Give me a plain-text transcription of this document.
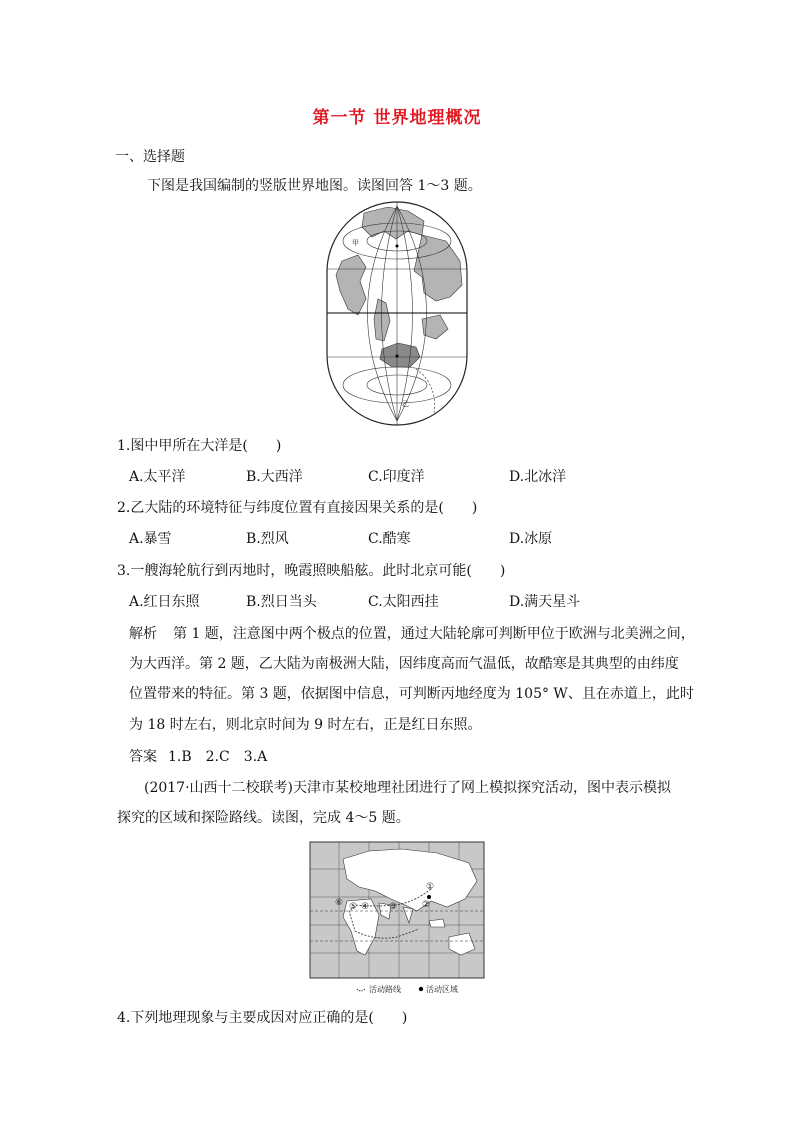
第一节 世界地理概况
一、选择题
下图是我国编制的竖版世界地图。读图回答 1～3 题。
甲
乙
1.图中甲所在大洋是(　　)
A.太平洋	B.大西洋	C.印度洋	D.北冰洋
2.乙大陆的环境特征与纬度位置有直接因果关系的是(　　)
A.暴雪	B.烈风	C.酷寒	D.冰原
3.一艘海轮航行到丙地时，晚霞照映船舷。此时北京可能(　　)
A.红日东照	B.烈日当头	C.太阳西挂	D.满天星斗
解析 第 1 题，注意图中两个极点的位置，通过大陆轮廓可判断甲位于欧洲与北美洲之间，
为大西洋。第 2 题，乙大陆为南极洲大陆，因纬度高而气温低，故酷寒是其典型的由纬度
位置带来的特征。第 3 题，依据图中信息，可判断丙地经度为 105° W、且在赤道上，此时
为 18 时左右，则北京时间为 9 时左右，正是红日东照。
答案 1.B　2.C　3.A
(2017·山西十二校联考)天津市某校地理社团进行了网上模拟探究活动，图中表示模拟
探究的区域和探险路线。读图，完成 4～5 题。
①
②
③
④
⑤
⑥
活动路线	活动区域
4.下列地理现象与主要成因对应正确的是(　　)
